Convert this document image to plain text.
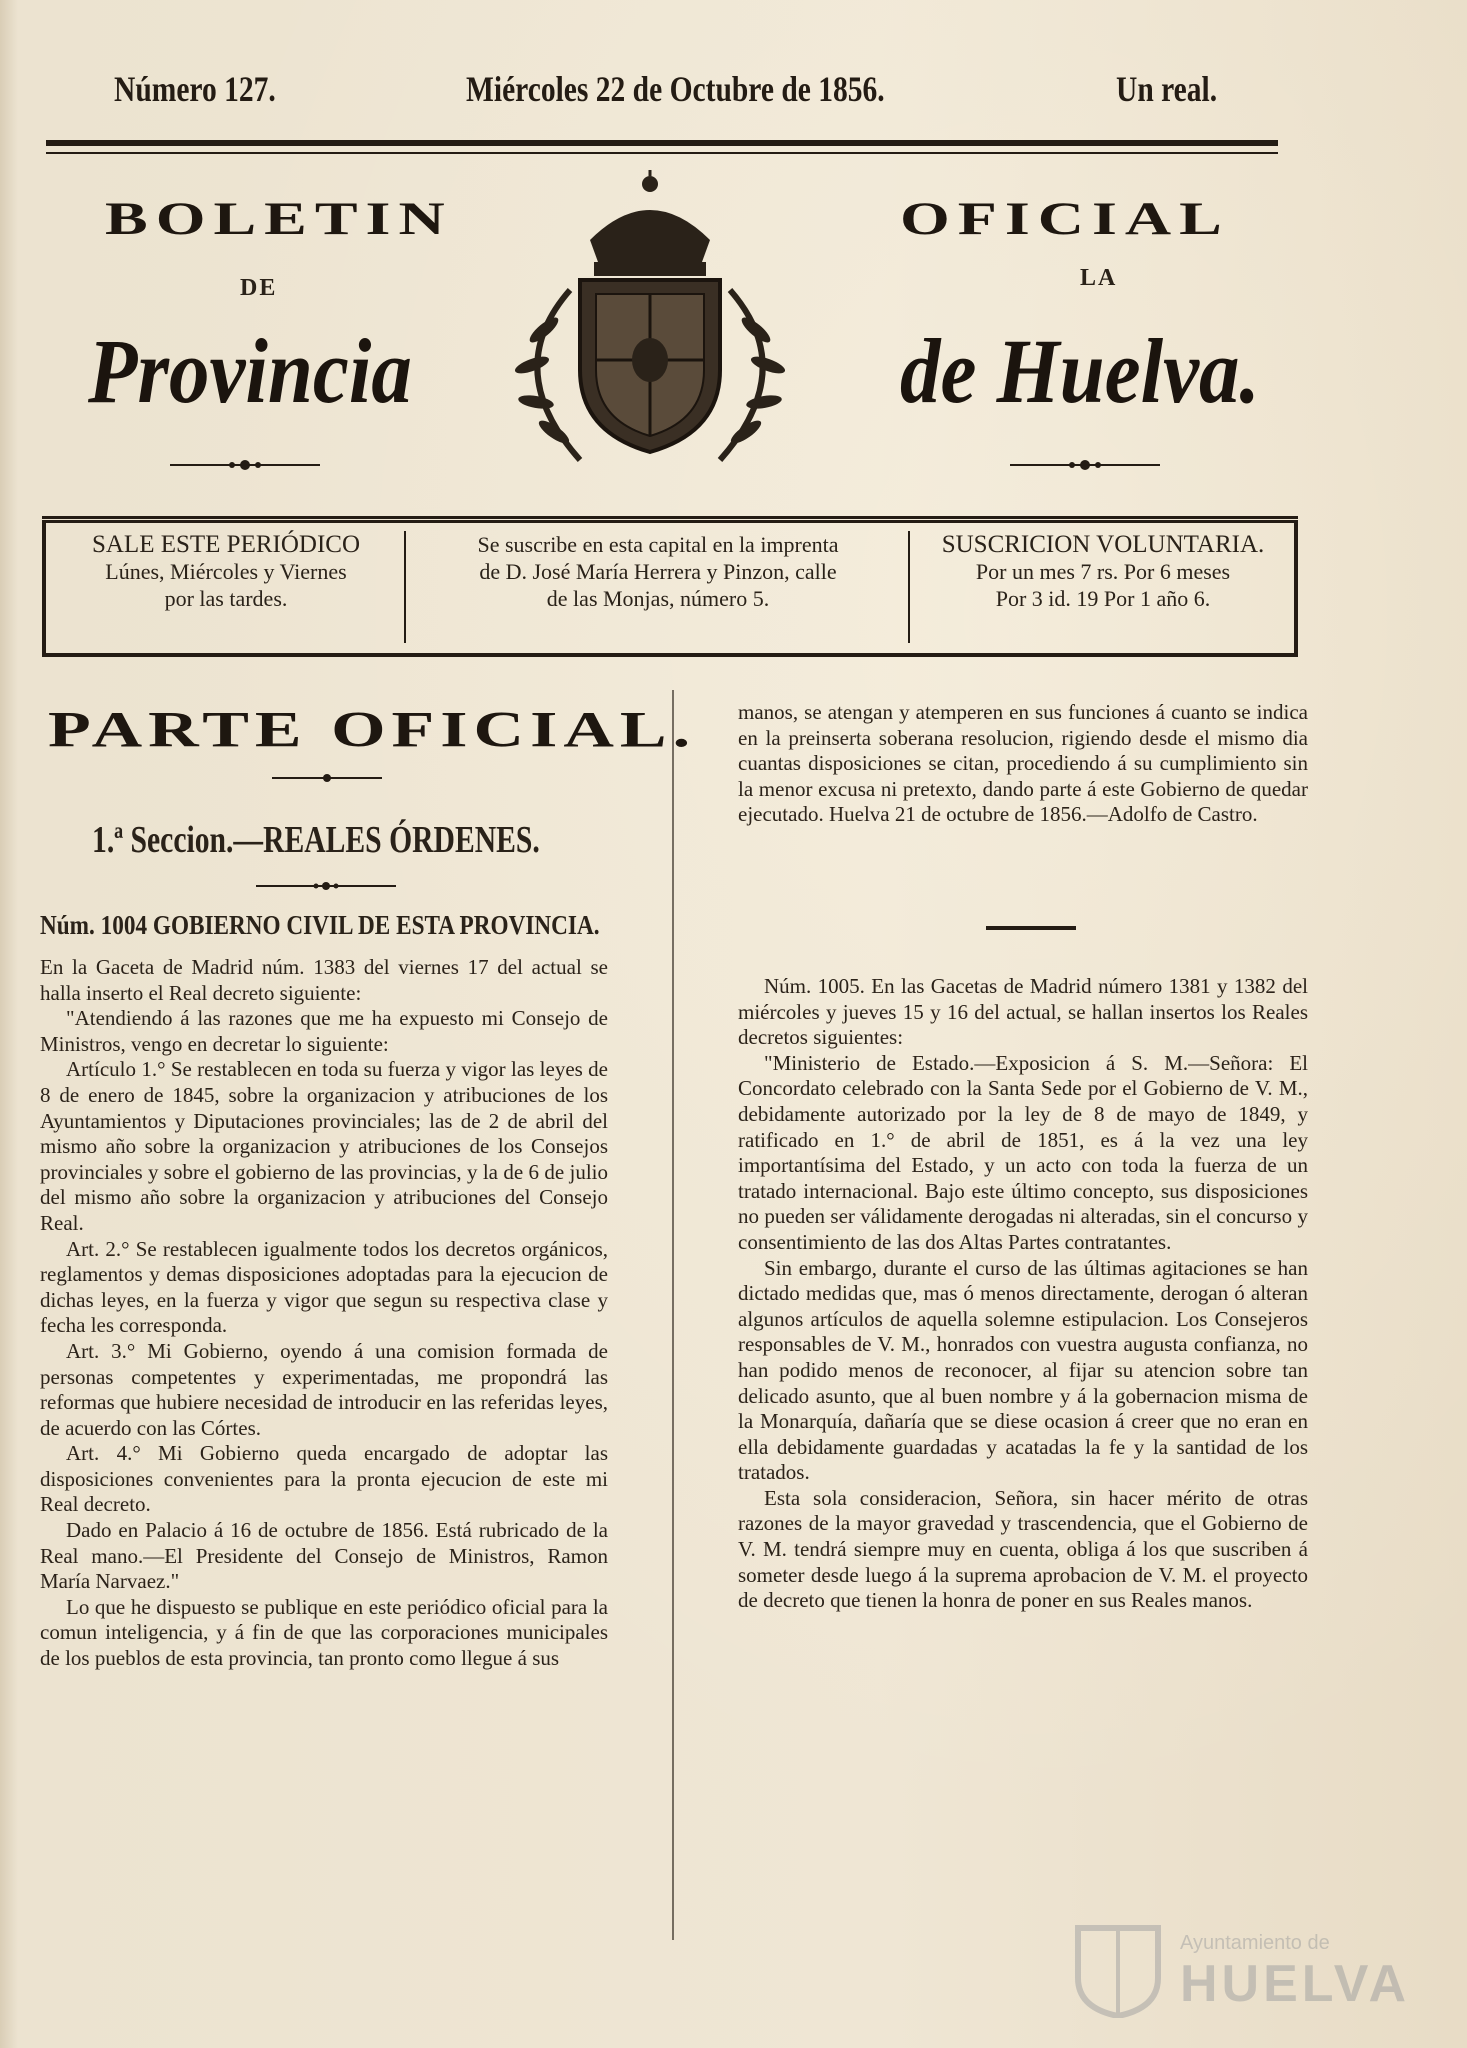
Número 127.	Miércoles 22 de Octubre de 1856.	Un real.
BOLETIN	OFICIAL
DE	LA
Provincia	de Huelva.
SALE ESTE PERIÓDICO
Lúnes, Miércoles y Viernes
por las tardes.
Se suscribe en esta capital en la imprenta
de D. José María Herrera y Pinzon, calle
de las Monjas, número 5.
SUSCRICION VOLUNTARIA.
Por un mes 7 rs. Por 6 meses
Por 3 id. 19 Por 1 año 6.
PARTE OFICIAL.
1.ª Seccion.—REALES ÓRDENES.
Núm. 1004 GOBIERNO CIVIL DE ESTA PROVINCIA.

En la Gaceta de Madrid núm. 1383 del viernes 17 del actual se halla inserto el Real decreto siguiente:

"Atendiendo á las razones que me ha expuesto mi Consejo de Ministros, vengo en decretar lo siguiente:

Artículo 1.° Se restablecen en toda su fuerza y vigor las leyes de 8 de enero de 1845, sobre la organizacion y atribuciones de los Ayuntamientos y Diputaciones provinciales; las de 2 de abril del mismo año sobre la organizacion y atribuciones de los Consejos provinciales y sobre el gobierno de las provincias, y la de 6 de julio del mismo año sobre la organizacion y atribuciones del Consejo Real.

Art. 2.° Se restablecen igualmente todos los decretos orgánicos, reglamentos y demas disposiciones adoptadas para la ejecucion de dichas leyes, en la fuerza y vigor que segun su respectiva clase y fecha les corresponda.

Art. 3.° Mi Gobierno, oyendo á una comision formada de personas competentes y experimentadas, me propondrá las reformas que hubiere necesidad de introducir en las referidas leyes, de acuerdo con las Córtes.

Art. 4.° Mi Gobierno queda encargado de adoptar las disposiciones convenientes para la pronta ejecucion de este mi Real decreto.

Dado en Palacio á 16 de octubre de 1856. Está rubricado de la Real mano.—El Presidente del Consejo de Ministros, Ramon María Narvaez."

Lo que he dispuesto se publique en este periódico oficial para la comun inteligencia, y á fin de que las corporaciones municipales de los pueblos de esta provincia, tan pronto como llegue á sus

manos, se atengan y atemperen en sus funciones á cuanto se indica en la preinserta soberana resolucion, rigiendo desde el mismo dia cuantas disposiciones se citan, procediendo á su cumplimiento sin la menor excusa ni pretexto, dando parte á este Gobierno de quedar ejecutado. Huelva 21 de octubre de 1856.—Adolfo de Castro.

Núm. 1005. En las Gacetas de Madrid número 1381 y 1382 del miércoles y jueves 15 y 16 del actual, se hallan insertos los Reales decretos siguientes:

"Ministerio de Estado.—Exposicion á S. M.—Señora: El Concordato celebrado con la Santa Sede por el Gobierno de V. M., debidamente autorizado por la ley de 8 de mayo de 1849, y ratificado en 1.° de abril de 1851, es á la vez una ley importantísima del Estado, y un acto con toda la fuerza de un tratado internacional. Bajo este último concepto, sus disposiciones no pueden ser válidamente derogadas ni alteradas, sin el concurso y consentimiento de las dos Altas Partes contratantes.

Sin embargo, durante el curso de las últimas agitaciones se han dictado medidas que, mas ó menos directamente, derogan ó alteran algunos artículos de aquella solemne estipulacion. Los Consejeros responsables de V. M., honrados con vuestra augusta confianza, no han podido menos de reconocer, al fijar su atencion sobre tan delicado asunto, que al buen nombre y á la gobernacion misma de la Monarquía, dañaría que se diese ocasion á creer que no eran en ella debidamente guardadas y acatadas la fe y la santidad de los tratados.

Esta sola consideracion, Señora, sin hacer mérito de otras razones de la mayor gravedad y trascendencia, que el Gobierno de V. M. tendrá siempre muy en cuenta, obliga á los que suscriben á someter desde luego á la suprema aprobacion de V. M. el proyecto de decreto que tienen la honra de poner en sus Reales manos.

Ayuntamiento de
HUELVA
